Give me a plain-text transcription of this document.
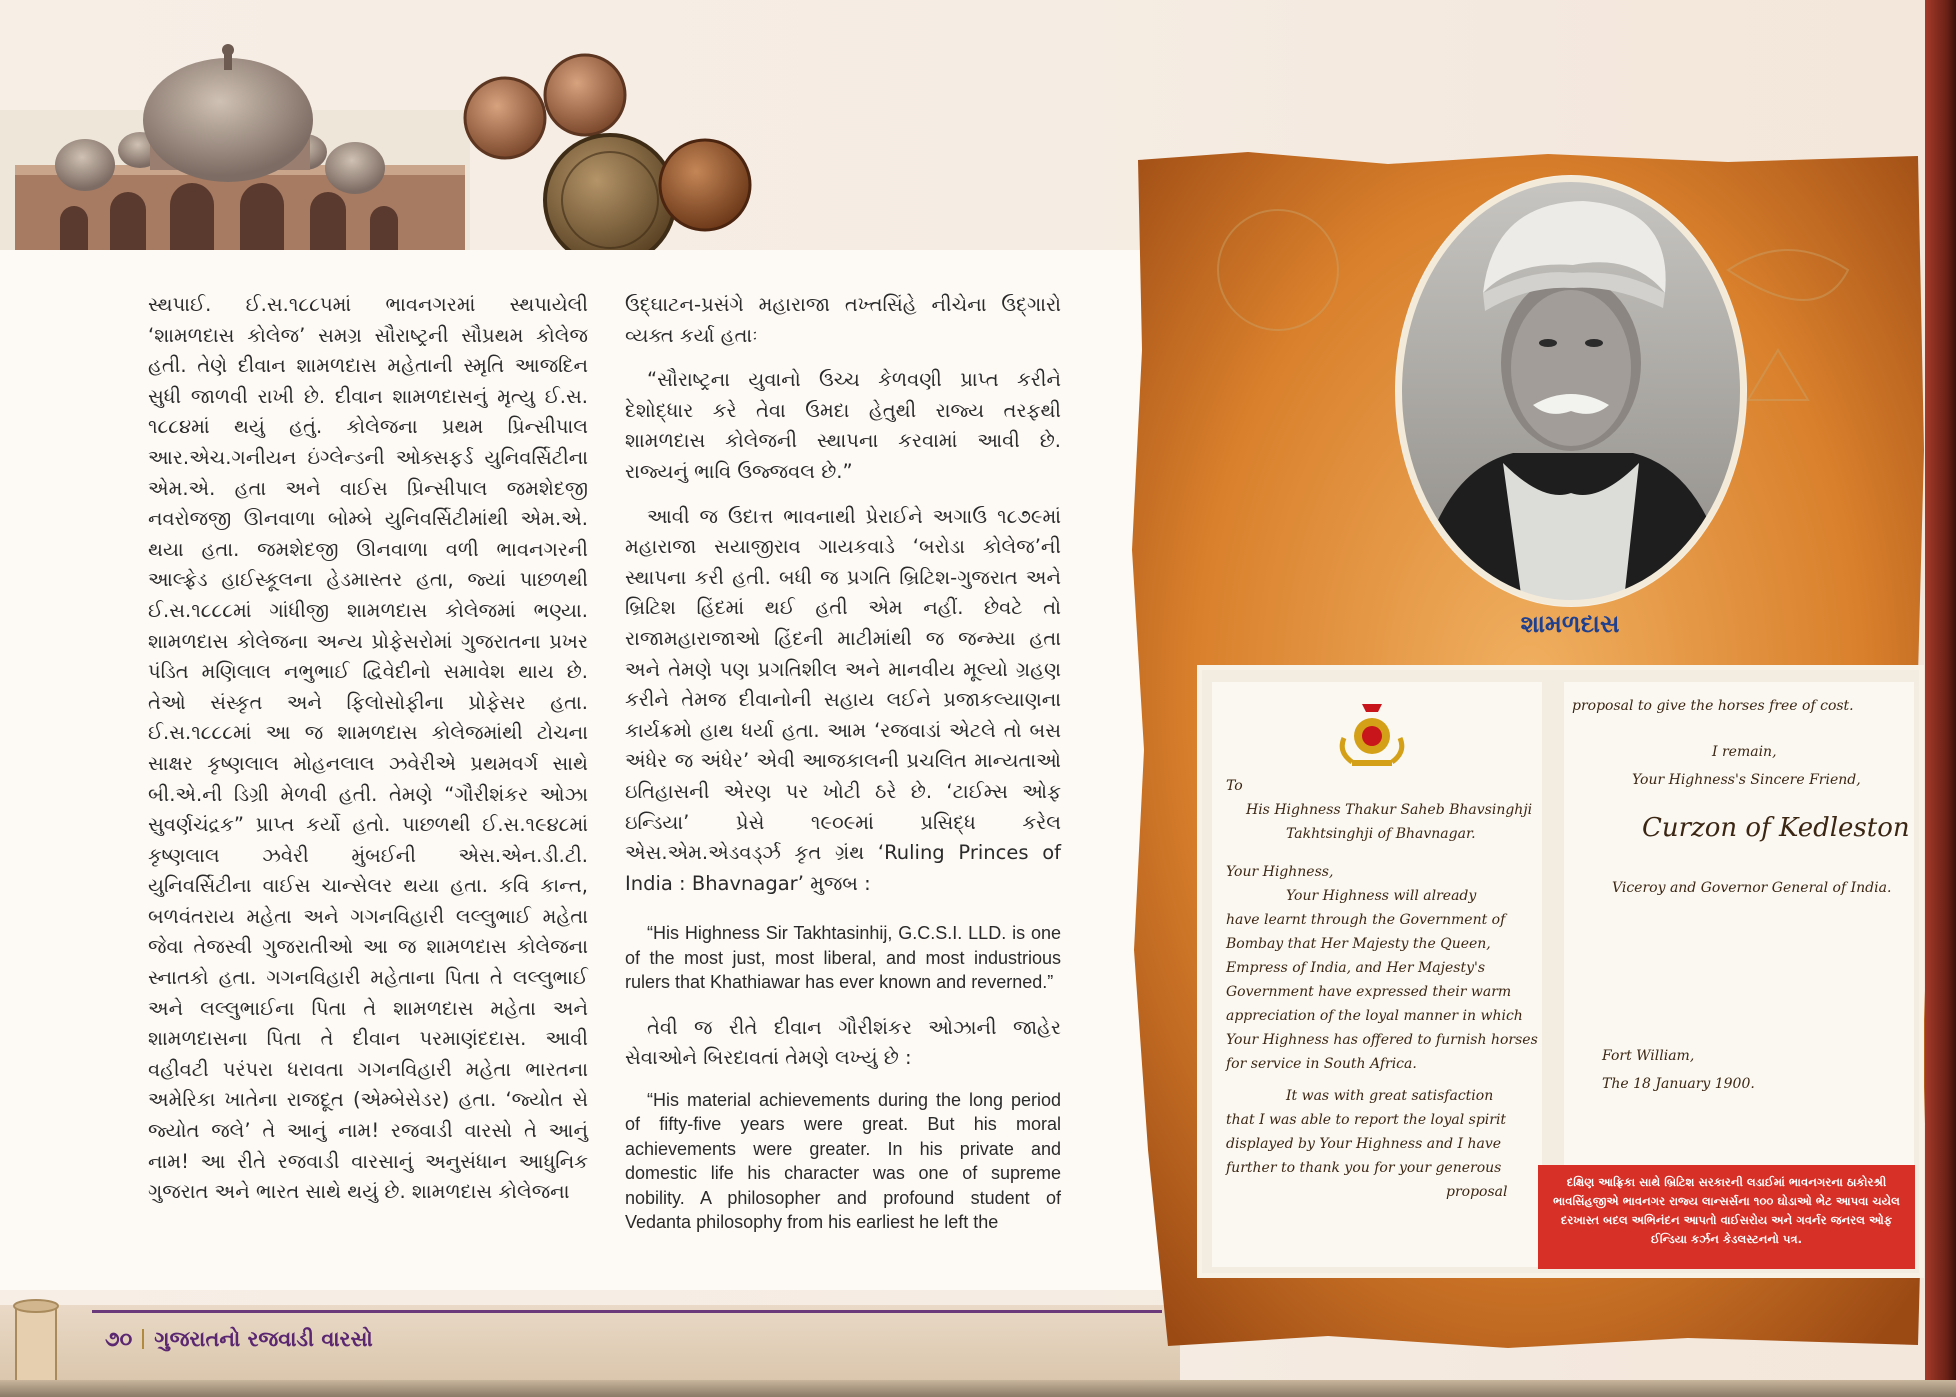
સ્થપાઈ. ઈ.સ.૧૮૮૫માં ભાવનગરમાં સ્થપાયેલી ‘શામળદાસ કોલેજ’ સમગ્ર સૌરાષ્ટ્રની સૌપ્રથમ કોલેજ હતી. તેણે દીવાન શામળદાસ મહેતાની સ્મૃતિ આજદિન સુધી જાળવી રાખી છે. દીવાન શામળદાસનું મૃત્યુ ઈ.સ. ૧૮૮૪માં થયું હતું. કોલેજના પ્રથમ પ્રિન્સીપાલ આર.એચ.ગનીયન ઇંગ્લેન્ડની ઓક્સફર્ડ યુનિવર્સિટીના એમ.એ. હતા અને વાઈસ પ્રિન્સીપાલ જમશેદજી નવરોજજી ઊનવાળા બોમ્બે યુનિવર્સિટીમાંથી એમ.એ. થયા હતા. જમશેદજી ઊનવાળા વળી ભાવનગરની આલ્ફ્રેડ હાઈસ્કૂલના હેડમાસ્તર હતા, જ્યાં પાછળથી ઈ.સ.૧૮૮૮માં ગાંધીજી શામળદાસ કોલેજમાં ભણ્યા. શામળદાસ કોલેજના અન્ય પ્રોફેસરોમાં ગુજરાતના પ્રખર પંડિત મણિલાલ નભુભાઈ દ્વિવેદીનો સમાવેશ થાય છે. તેઓ સંસ્કૃત અને ફિલોસોફીના પ્રોફેસર હતા. ઈ.સ.૧૮૮૮માં આ જ શામળદાસ કોલેજમાંથી ટોચના સાક્ષર કૃષ્ણલાલ મોહનલાલ ઝવેરીએ પ્રથમવર્ગ સાથે બી.એ.ની ડિગ્રી મેળવી હતી. તેમણે “ગૌરીશંકર ઓઝા સુવર્ણચંદ્રક” પ્રાપ્ત કર્યો હતો. પાછળથી ઈ.સ.૧૯૪૮માં કૃષ્ણલાલ ઝવેરી મુંબઈની એસ.એન.ડી.ટી. યુનિવર્સિટીના વાઈસ ચાન્સેલર થયા હતા. કવિ કાન્ત, બળવંતરાય મહેતા અને ગગનવિહારી લલ્લુભાઈ મહેતા જેવા તેજસ્વી ગુજરાતીઓ આ જ શામળદાસ કોલેજના સ્નાતકો હતા. ગગનવિહારી મહેતાના પિતા તે લલ્લુભાઈ અને લલ્લુભાઈના પિતા તે શામળદાસ મહેતા અને શામળદાસના પિતા તે દીવાન પરમાણંદદાસ. આવી વહીવટી પરંપરા ધરાવતા ગગનવિહારી મહેતા ભારતના અમેરિકા ખાતેના રાજદૂત (એમ્બેસેડર) હતા. ‘જ્યોત સે જ્યોત જલે’ તે આનું નામ! રજવાડી વારસો તે આનું નામ! આ રીતે રજવાડી વારસાનું અનુસંધાન આધુનિક ગુજરાત અને ભારત સાથે થયું છે. શામળદાસ કોલેજના

ઉદ્‌ઘાટન-પ્રસંગે મહારાજા તખ્તસિંહે નીચેના ઉદ્‌ગારો વ્યક્ત કર્યા હતાઃ

“સૌરાષ્ટ્રના યુવાનો ઉચ્ચ કેળવણી પ્રાપ્ત કરીને દેશોદ્ધાર કરે તેવા ઉમદા હેતુથી રાજ્ય તરફથી શામળદાસ કોલેજની સ્થાપના કરવામાં આવી છે. રાજ્યનું ભાવિ ઉજ્જવલ છે.”

આવી જ ઉદાત્ત ભાવનાથી પ્રેરાઈને અગાઉ ૧૮૭૯માં મહારાજા સયાજીરાવ ગાયકવાડે ‘બરોડા કોલેજ’ની સ્થાપના કરી હતી. બધી જ પ્રગતિ બ્રિટિશ-ગુજરાત અને બ્રિટિશ હિંદમાં થઈ હતી એમ નહીં. છેવટે તો રાજામહારાજાઓ હિંદની માટીમાંથી જ જન્મ્યા હતા અને તેમણે પણ પ્રગતિશીલ અને માનવીય મૂલ્યો ગ્રહણ કરીને તેમજ દીવાનોની સહાય લઈને પ્રજાકલ્યાણના કાર્યક્રમો હાથ ધર્યા હતા. આમ ‘રજવાડાં એટલે તો બસ અંધેર જ અંધેર’ એવી આજકાલની પ્રચલિત માન્યતાઓ ઇતિહાસની એરણ પર ખોટી ઠરે છે. ‘ટાઈમ્સ ઓફ ઇન્ડિયા’ પ્રેસે ૧૯૦૯માં પ્રસિદ્ધ કરેલ એસ.એમ.એડવર્ડ્ઝ કૃત ગ્રંથ ‘Ruling Princes of India : Bhavnagar’ મુજબ :

“His Highness Sir Takhtasinhij, G.C.S.I. LLD. is one of the most just, most liberal, and most industrious rulers that Khathiawar has ever known and reverned.”

તેવી જ રીતે દીવાન ગૌરીશંકર ઓઝાની જાહેર સેવાઓને બિરદાવતાં તેમણે લખ્યું છે :

“His material achievements during the long period of fifty-five years were great. But his moral achievements were greater. In his private and domestic life his character was one of supreme nobility. A philosopher and profound student of Vedanta philosophy from his earliest he left the

૭૦ ગુજરાતનો રજવાડી વારસો
શામળદાસ
To
His Highness Thakur Saheb Bhavsinghji
Takhtsinghji of Bhavnagar.
Your Highness,
Your Highness will already
have learnt through the Government of
Bombay that Her Majesty the Queen,
Empress of India, and Her Majesty's
Government have expressed their warm
appreciation of the loyal manner in which
Your Highness has offered to furnish horses
for service in South Africa.
It was with great satisfaction
that I was able to report the loyal spirit
displayed by Your Highness and I have
further to thank you for your generous
proposal
proposal to give the horses free of cost.
I remain,
Your Highness's Sincere Friend,
Curzon of Kedleston
Viceroy and Governor General of India.
Fort William,
The 18 January 1900.
દક્ષિણ આફ્રિકા સાથે બ્રિટિશ સરકારની લડાઈમાં ભાવનગરના ઠાકોરશ્રી ભાવસિંહજીએ ભાવનગર રાજ્ય લાન્સર્સના ૧૦૦ ઘોડાઓ ભેટ આપવા ચયેલ દરખાસ્ત બદલ અભિનંદન આપતો વાઈસરોય અને ગવર્નર જનરલ ઓફ ઈન્ડિયા કર્ઝન કેડલસ્ટનનો પત્ર.
